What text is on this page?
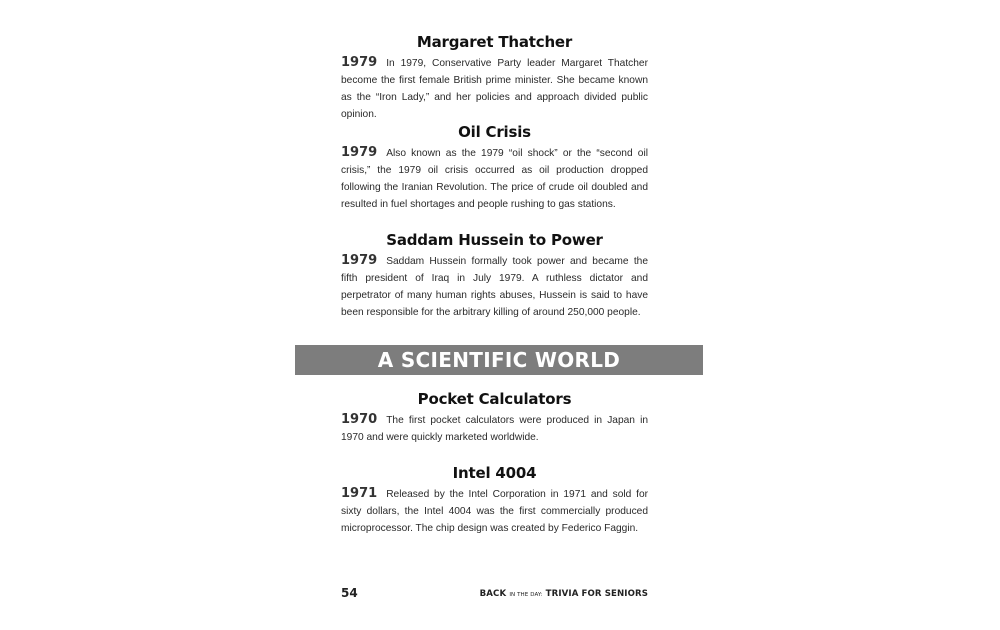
Margaret Thatcher

1979 In 1979, Conservative Party leader Margaret Thatcher become the first female British prime minister. She became known as the “Iron Lady,” and her policies and approach divided public opinion.

Oil Crisis

1979 Also known as the 1979 “oil shock” or the “second oil crisis,” the 1979 oil crisis occurred as oil production dropped following the Iranian Revolution. The price of crude oil doubled and resulted in fuel shortages and people rushing to gas stations.

Saddam Hussein to Power

1979 Saddam Hussein formally took power and became the fifth president of Iraq in July 1979. A ruthless dictator and perpetrator of many human rights abuses, Hussein is said to have been responsible for the arbitrary killing of around 250,000 people.

A SCIENTIFIC WORLD
Pocket Calculators

1970 The first pocket calculators were produced in Japan in 1970 and were quickly marketed worldwide.

Intel 4004

1971 Released by the Intel Corporation in 1971 and sold for sixty dollars, the Intel 4004 was the first commercially produced microprocessor. The chip design was created by Federico Faggin.

54	BACK IN THE DAY: TRIVIA FOR SENIORS
